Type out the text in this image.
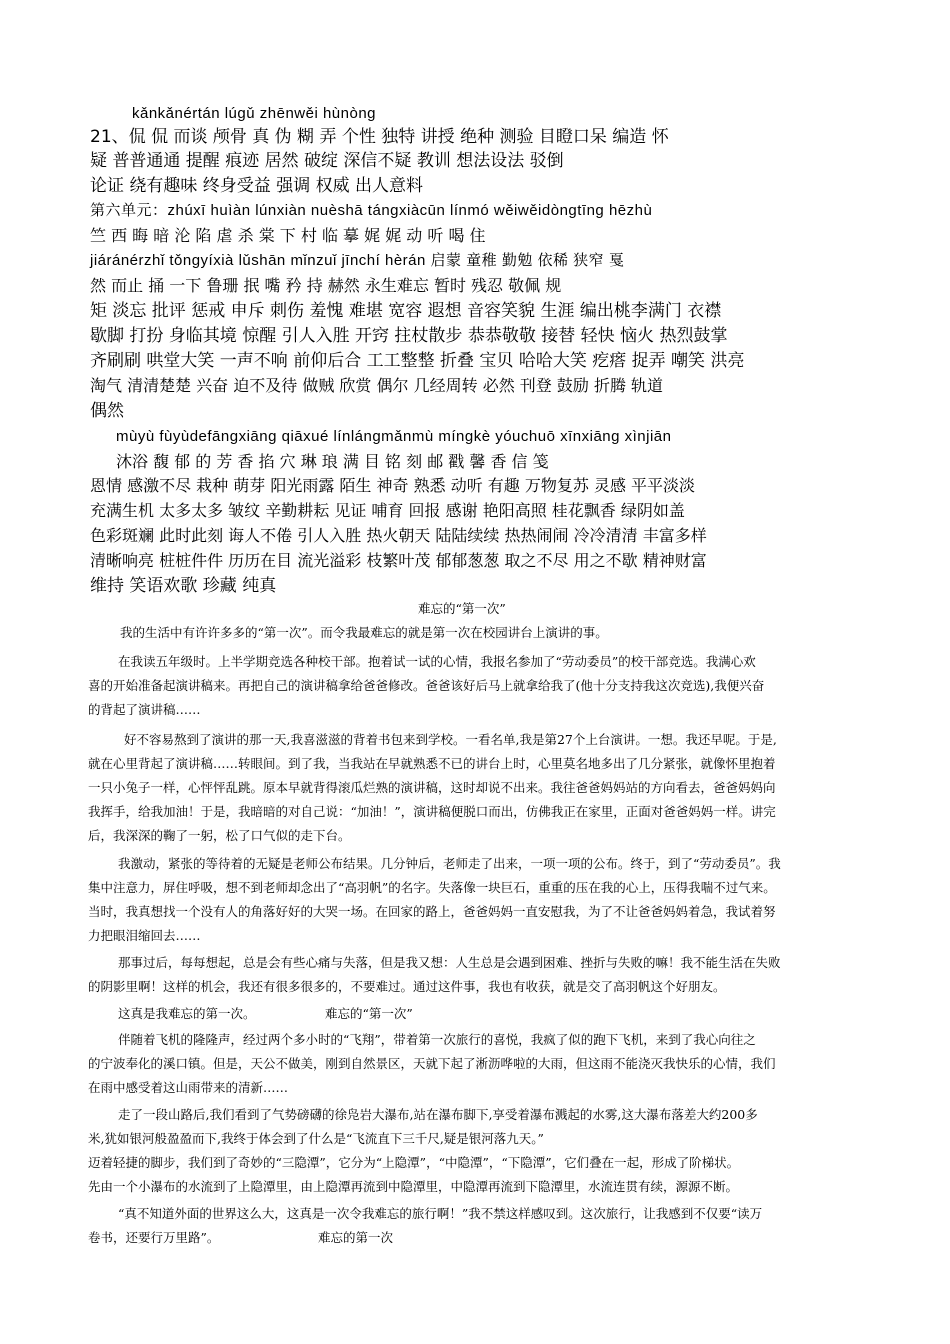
kǎnkǎnértán lúgǔ zhēnwěi hùnòng
21、侃 侃 而谈 颅骨 真 伪 糊 弄 个性 独特 讲授 绝种 测验 目瞪口呆 编造 怀
疑 普普通通 提醒 痕迹 居然 破绽 深信不疑 教训 想法设法 驳倒
论证 绕有趣味 终身受益 强调 权威 出人意料
第六单元：zhúxī huìàn lúnxiàn nuèshā tángxiàcūn línmó wěiwěidòngtīng hēzhù
竺 西 晦 暗 沦 陷 虐 杀 棠 下 村 临 摹 娓 娓 动 听 喝 住
jiáránérzhǐ tǒngyíxià lǔshān mǐnzuǐ jīnchí hèrán 启蒙 童稚 勤勉 依稀 狭窄 戛
然 而止 捅 一下 鲁珊 抿 嘴 矜 持 赫然 永生难忘 暂时 残忍 敬佩 规
矩 淡忘 批评 惩戒 申斥 刺伤 羞愧 难堪 宽容 遐想 音容笑貌 生涯 编出桃李满门 衣襟
歇脚 打扮 身临其境 惊醒 引人入胜 开窍 拄杖散步 恭恭敬敬 接替 轻快 恼火 热烈鼓掌
齐刷刷 哄堂大笑 一声不响 前仰后合 工工整整 折叠 宝贝 哈哈大笑 疙瘩 捉弄 嘲笑 洪亮
淘气 清清楚楚 兴奋 迫不及待 做贼 欣赏 偶尔 几经周转 必然 刊登 鼓励 折腾 轨道
偶然
mùyù fùyùdefāngxiāng qiāxué línlángmǎnmù míngkè yóuchuō xīnxiāng xìnjiān
沐浴 馥 郁 的 芳 香 掐 穴 琳 琅 满 目 铭 刻 邮 戳 馨 香 信 笺
恩情 感激不尽 栽种 萌芽 阳光雨露 陌生 神奇 熟悉 动听 有趣 万物复苏 灵感 平平淡淡
充满生机 太多太多 皱纹 辛勤耕耘 见证 哺育 回报 感谢 艳阳高照 桂花飘香 绿阴如盖
色彩斑斓 此时此刻 诲人不倦 引人入胜 热火朝天 陆陆续续 热热闹闹 冷冷清清 丰富多样
清晰响亮 桩桩件件 历历在目 流光溢彩 枝繁叶茂 郁郁葱葱 取之不尽 用之不歇 精神财富
维持 笑语欢歌 珍藏 纯真
难忘的“第一次”
我的生活中有许许多多的“第一次”。而令我最难忘的就是第一次在校园讲台上演讲的事。
在我读五年级时。上半学期竞选各种校干部。抱着试一试的心情，我报名参加了“劳动委员”的校干部竞选。我满心欢
喜的开始准备起演讲稿来。再把自己的演讲稿拿给爸爸修改。爸爸该好后马上就拿给我了(他十分支持我这次竞选),我便兴奋
的背起了演讲稿……
好不容易熬到了演讲的那一天,我喜滋滋的背着书包来到学校。一看名单,我是第27个上台演讲。一想。我还早呢。于是,
就在心里背起了演讲稿……转眼间。到了我，当我站在早就熟悉不已的讲台上时，心里莫名地多出了几分紧张，就像怀里抱着
一只小兔子一样，心怦怦乱跳。原本早就背得滚瓜烂熟的演讲稿，这时却说不出来。我往爸爸妈妈站的方向看去，爸爸妈妈向
我挥手，给我加油！于是，我暗暗的对自己说：“加油！”，演讲稿便脱口而出，仿佛我正在家里，正面对爸爸妈妈一样。讲完
后，我深深的鞠了一躬，松了口气似的走下台。
我激动，紧张的等待着的无疑是老师公布结果。几分钟后，老师走了出来，一项一项的公布。终于，到了“劳动委员”。我
集中注意力，屏住呼吸，想不到老师却念出了“高羽帆”的名字。失落像一块巨石，重重的压在我的心上，压得我喘不过气来。
当时，我真想找一个没有人的角落好好的大哭一场。在回家的路上，爸爸妈妈一直安慰我，为了不让爸爸妈妈着急，我试着努
力把眼泪缩回去……
那事过后，每每想起，总是会有些心痛与失落，但是我又想：人生总是会遇到困难、挫折与失败的嘛！我不能生活在失败
的阴影里啊！这样的机会，我还有很多很多的，不要难过。通过这件事，我也有收获，就是交了高羽帆这个好朋友。
这真是我难忘的第一次。	难忘的“第一次”
伴随着飞机的隆隆声，经过两个多小时的“飞翔”，带着第一次旅行的喜悦，我疯了似的跑下飞机，来到了我心向往之
的宁波奉化的溪口镇。但是，天公不做美，刚到自然景区，天就下起了淅沥哗啦的大雨，但这雨不能浇灭我快乐的心情，我们
在雨中感受着这山雨带来的清新……
走了一段山路后,我们看到了气势磅礴的徐凫岩大瀑布,站在瀑布脚下,享受着瀑布溅起的水雾,这大瀑布落差大约200多
米,犹如银河般盈盈而下,我终于体会到了什么是“飞流直下三千尺,疑是银河落九天。”
迈着轻捷的脚步，我们到了奇妙的“三隐潭”，它分为“上隐潭”，“中隐潭”，“下隐潭”，它们叠在一起，形成了阶梯状。
先由一个小瀑布的水流到了上隐潭里，由上隐潭再流到中隐潭里，中隐潭再流到下隐潭里，水流连贯有续，源源不断。
“真不知道外面的世界这么大，这真是一次令我难忘的旅行啊！”我不禁这样感叹到。这次旅行，让我感到不仅要“读万
卷书，还要行万里路”。	难忘的第一次
